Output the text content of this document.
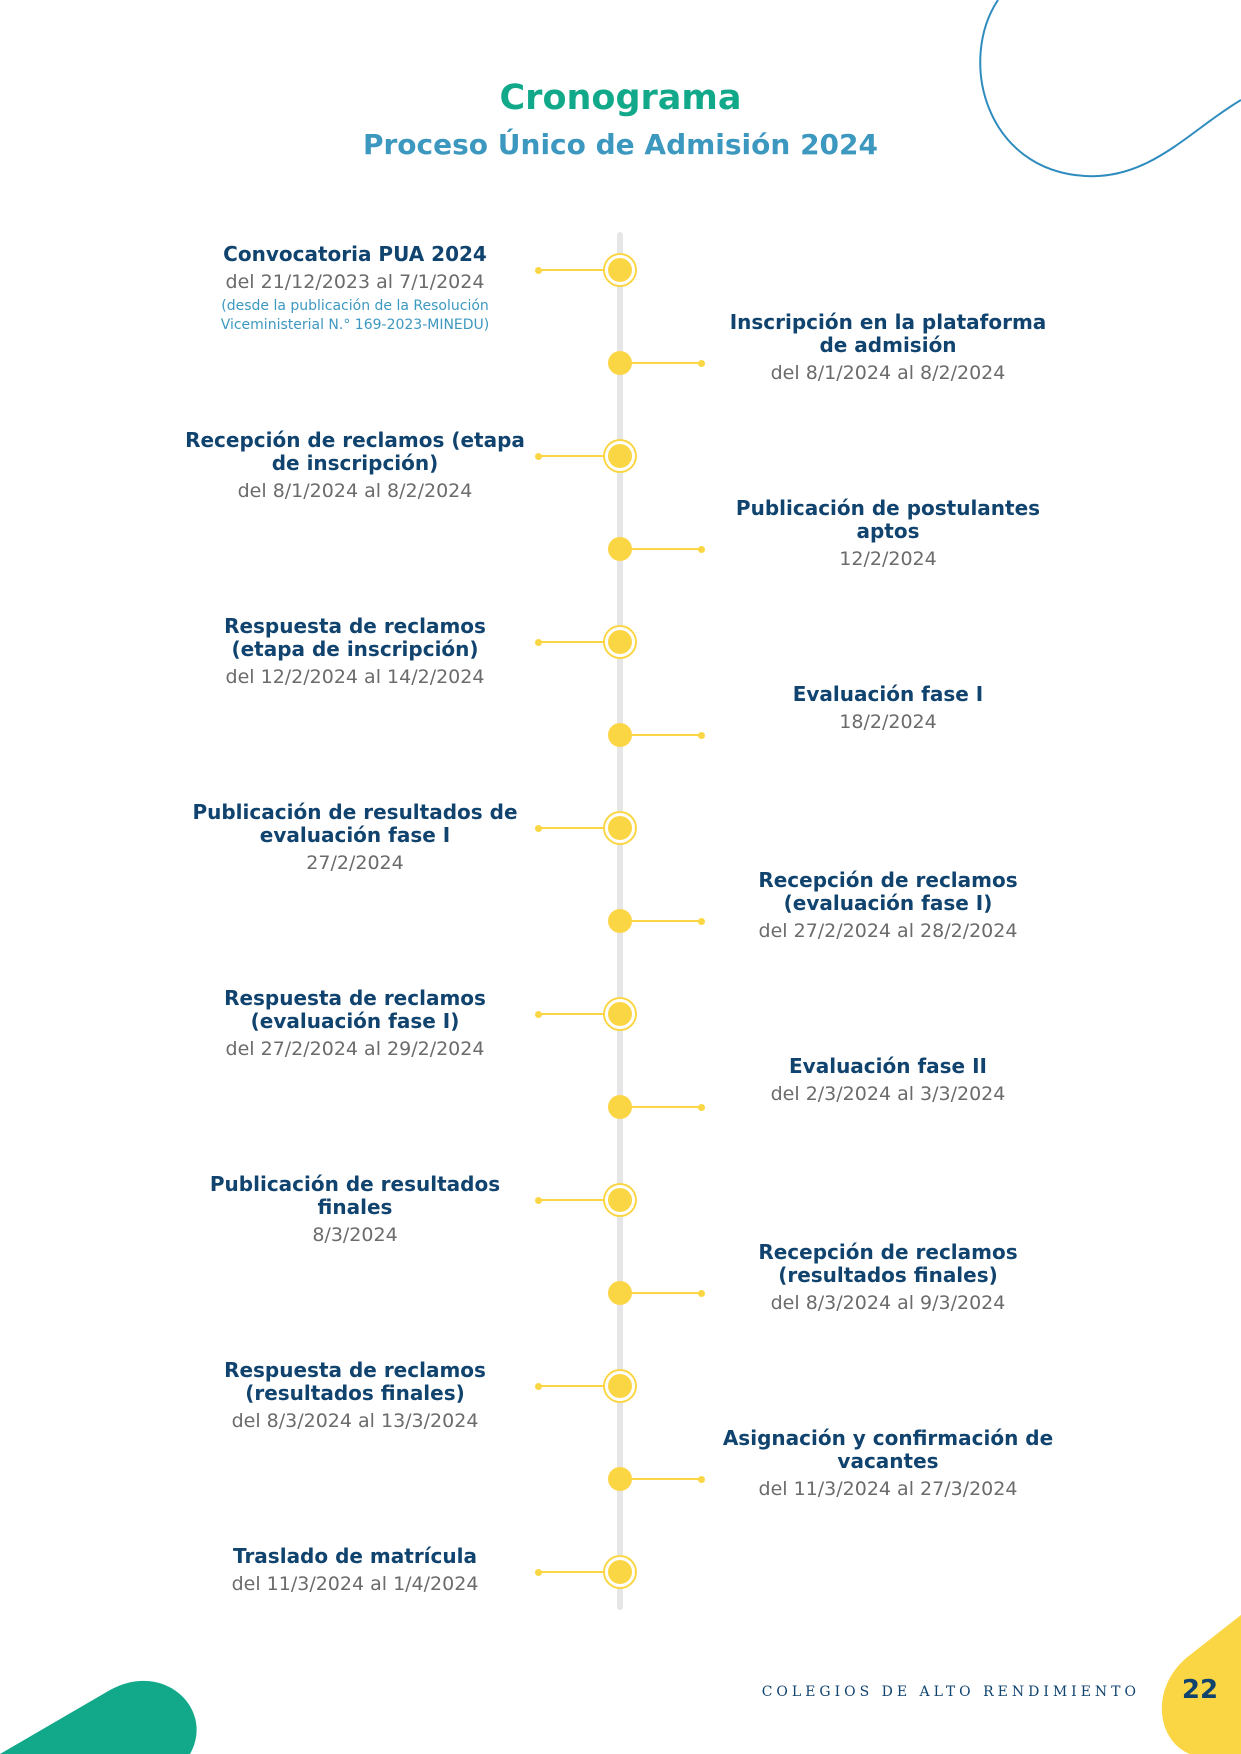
Cronograma
Proceso Único de Admisión 2024
Convocatoria PUA 2024
del 21/12/2023 al 7/1/2024
(desde la publicación de la Resolución Viceministerial N.° 169-2023-MINEDU)	Inscripción en la plataforma de admisión
del 8/1/2024 al 8/2/2024
Recepción de reclamos (etapa de inscripción)
del 8/1/2024 al 8/2/2024
Publicación de postulantes aptos
12/2/2024
Respuesta de reclamos (etapa de inscripción)
del 12/2/2024 al 14/2/2024
Evaluación fase I
18/2/2024
Publicación de resultados de evaluación fase I
27/2/2024
Recepción de reclamos (evaluación fase I)
del 27/2/2024 al 28/2/2024
Respuesta de reclamos (evaluación fase I)
del 27/2/2024 al 29/2/2024
Evaluación fase II
del 2/3/2024 al 3/3/2024
Publicación de resultados finales
8/3/2024
Recepción de reclamos (resultados finales)
del 8/3/2024 al 9/3/2024
Respuesta de reclamos (resultados finales)
del 8/3/2024 al 13/3/2024
Asignación y confirmación de vacantes
del 11/3/2024 al 27/3/2024
Traslado de matrícula
del 11/3/2024 al 1/4/2024
COLEGIOS DE ALTO RENDIMIENTO	22
